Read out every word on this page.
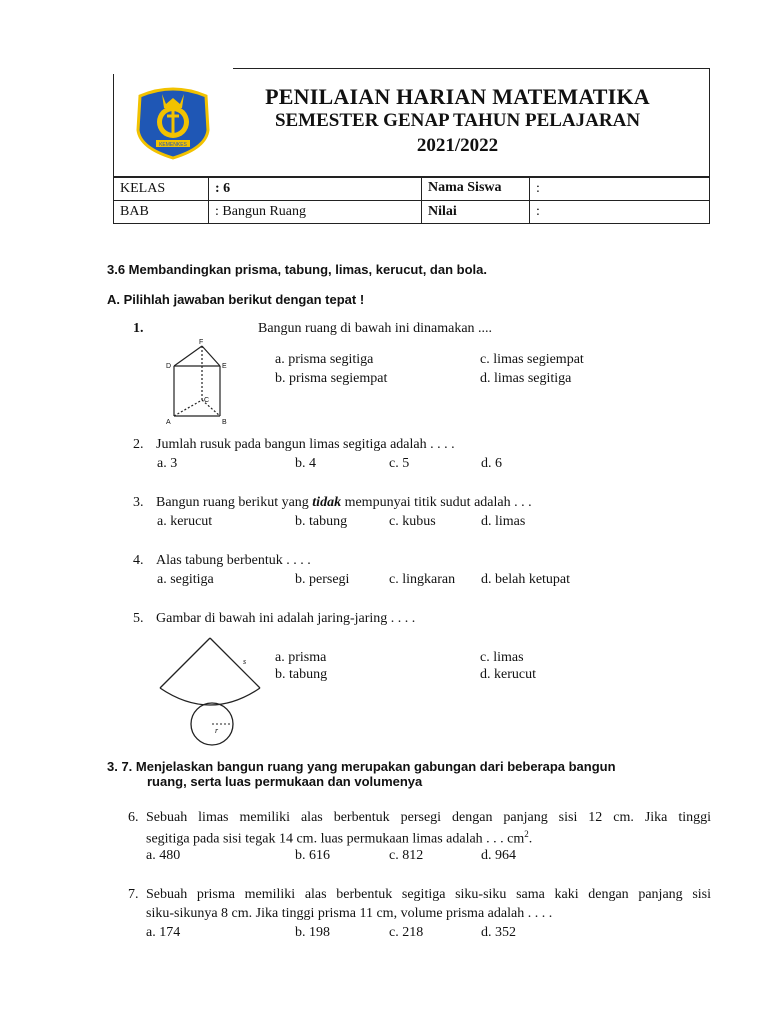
KEMENKES
PENILAIAN HARIAN MATEMATIKA
SEMESTER GENAP TAHUN PELAJARAN
2021/2022
KELAS	: 6	Nama Siswa	:
BAB	: Bangun Ruang	Nilai	:
3.6 Membandingkan prisma, tabung, limas, kerucut, dan bola.
A. Pilihlah jawaban berikut dengan tepat !
1.	Bangun ruang di bawah ini dinamakan ....
F
D	E
C
A	B
a. prisma segitiga
b. prisma segiempat
c. limas segiempat
d. limas segitiga
2. Jumlah rusuk pada bangun limas segitiga adalah . . . .
a. 3	b. 4	c. 5	d. 6
3. Bangun ruang berikut yang tidak mempunyai titik sudut adalah . . .
a. kerucut	b. tabung	c. kubus	d. limas
4. Alas tabung berbentuk . . . .
a. segitiga	b. persegi	c. lingkaran d. belah ketupat
5. Gambar di bawah ini adalah jaring-jaring . . . .
s
r
a. prisma
b. tabung
c. limas
d. kerucut
3. 7. Menjelaskan bangun ruang yang merupakan gabungan dari beberapa bangun
ruang, serta luas permukaan dan volumenya
6. Sebuah limas memiliki alas berbentuk persegi dengan panjang sisi 12 cm. Jika tinggi
segitiga pada sisi tegak 14 cm. luas permukaan limas adalah . . . $cm^2$.
a. 480	b. 616	c. 812	d. 964
7. Sebuah prisma memiliki alas berbentuk segitiga siku-siku sama kaki dengan panjang sisi
siku-sikunya 8 cm. Jika tinggi prisma 11 cm, volume prisma adalah . . . .
a. 174	b. 198	c. 218	d. 352
